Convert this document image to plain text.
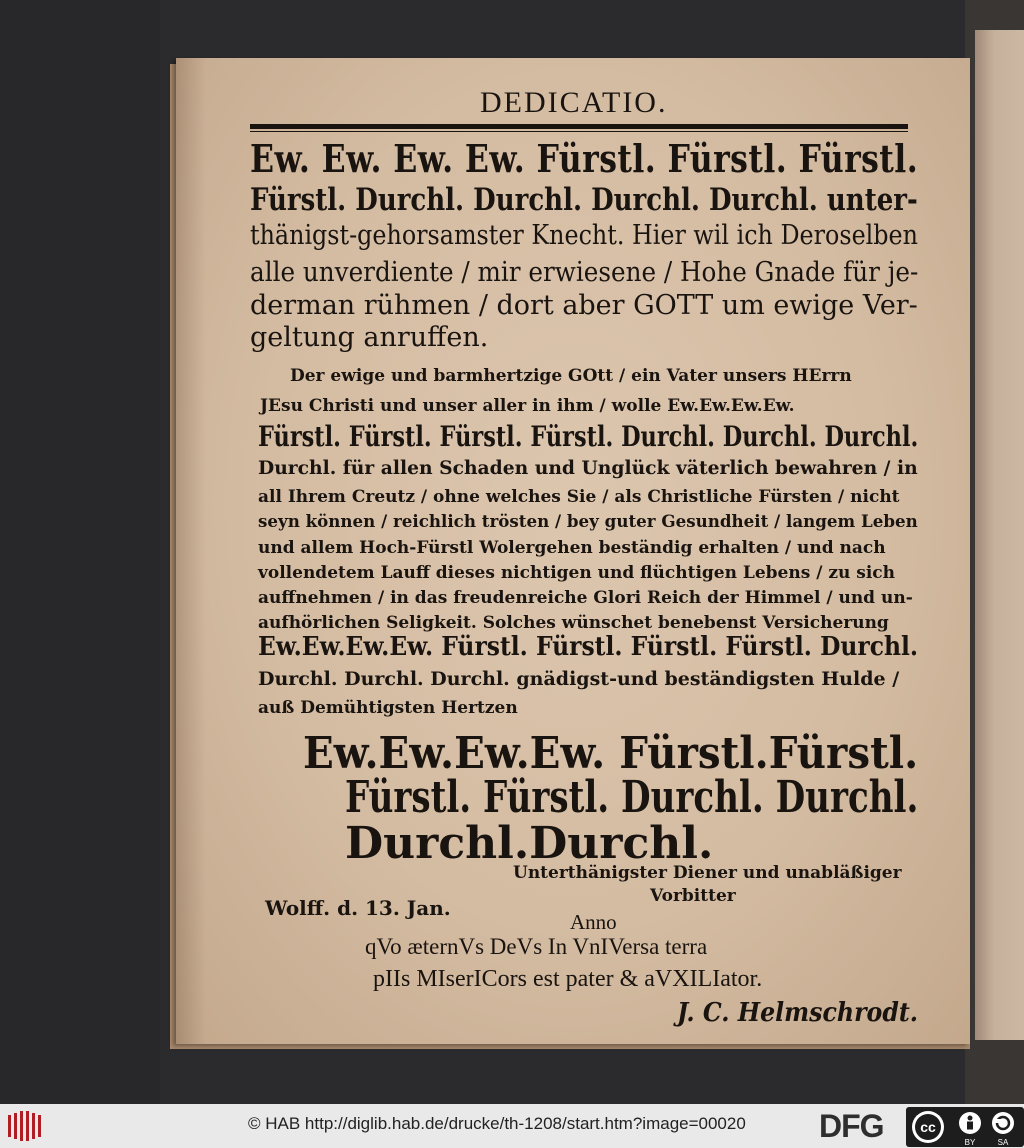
DEDICATIO.
Ew. Ew. Ew. Ew. Fürstl. Fürstl. Fürstl.
Fürstl. Durchl. Durchl. Durchl. Durchl. unter-
thänigst-gehorsamster Knecht. Hier wil ich Deroselben
alle unverdiente / mir erwiesene / Hohe Gnade für je-
derman rühmen / dort aber GOTT um ewige Ver-
geltung anruffen.
Der ewige und barmhertzige GOtt / ein Vater unsers HErrn
JEsu Christi und unser aller in ihm / wolle Ew.Ew.Ew.Ew.
Fürstl. Fürstl. Fürstl. Fürstl. Durchl. Durchl. Durchl.
Durchl. für allen Schaden und Unglück väterlich bewahren / in
all Ihrem Creutz / ohne welches Sie / als Christliche Fürsten / nicht
seyn können / reichlich trösten / bey guter Gesundheit / langem Leben
und allem Hoch-Fürstl Wolergehen beständig erhalten / und nach
vollendetem Lauff dieses nichtigen und flüchtigen Lebens / zu sich
auffnehmen / in das freudenreiche Glori Reich der Himmel / und un-
aufhörlichen Seligkeit. Solches wünschet benebenst Versicherung
Ew.Ew.Ew.Ew. Fürstl. Fürstl. Fürstl. Fürstl. Durchl.
Durchl. Durchl. Durchl. gnädigst-und beständigsten Hulde /
auß Demühtigsten Hertzen
Ew.Ew.Ew.Ew. Fürstl.Fürstl.
Fürstl. Fürstl. Durchl. Durchl.
Durchl.Durchl.
Unterthänigster Diener und unabläßiger
Vorbitter
Wolff. d. 13. Jan.
Anno
qVo æternVs DeVs In VnIVersa terra
pIIs MIserICors est pater & aVXILIator.
J. C. Helmschrodt.
© HAB http://diglib.hab.de/drucke/th-1208/start.htm?image=00020 DFG	cc
BY	SA
